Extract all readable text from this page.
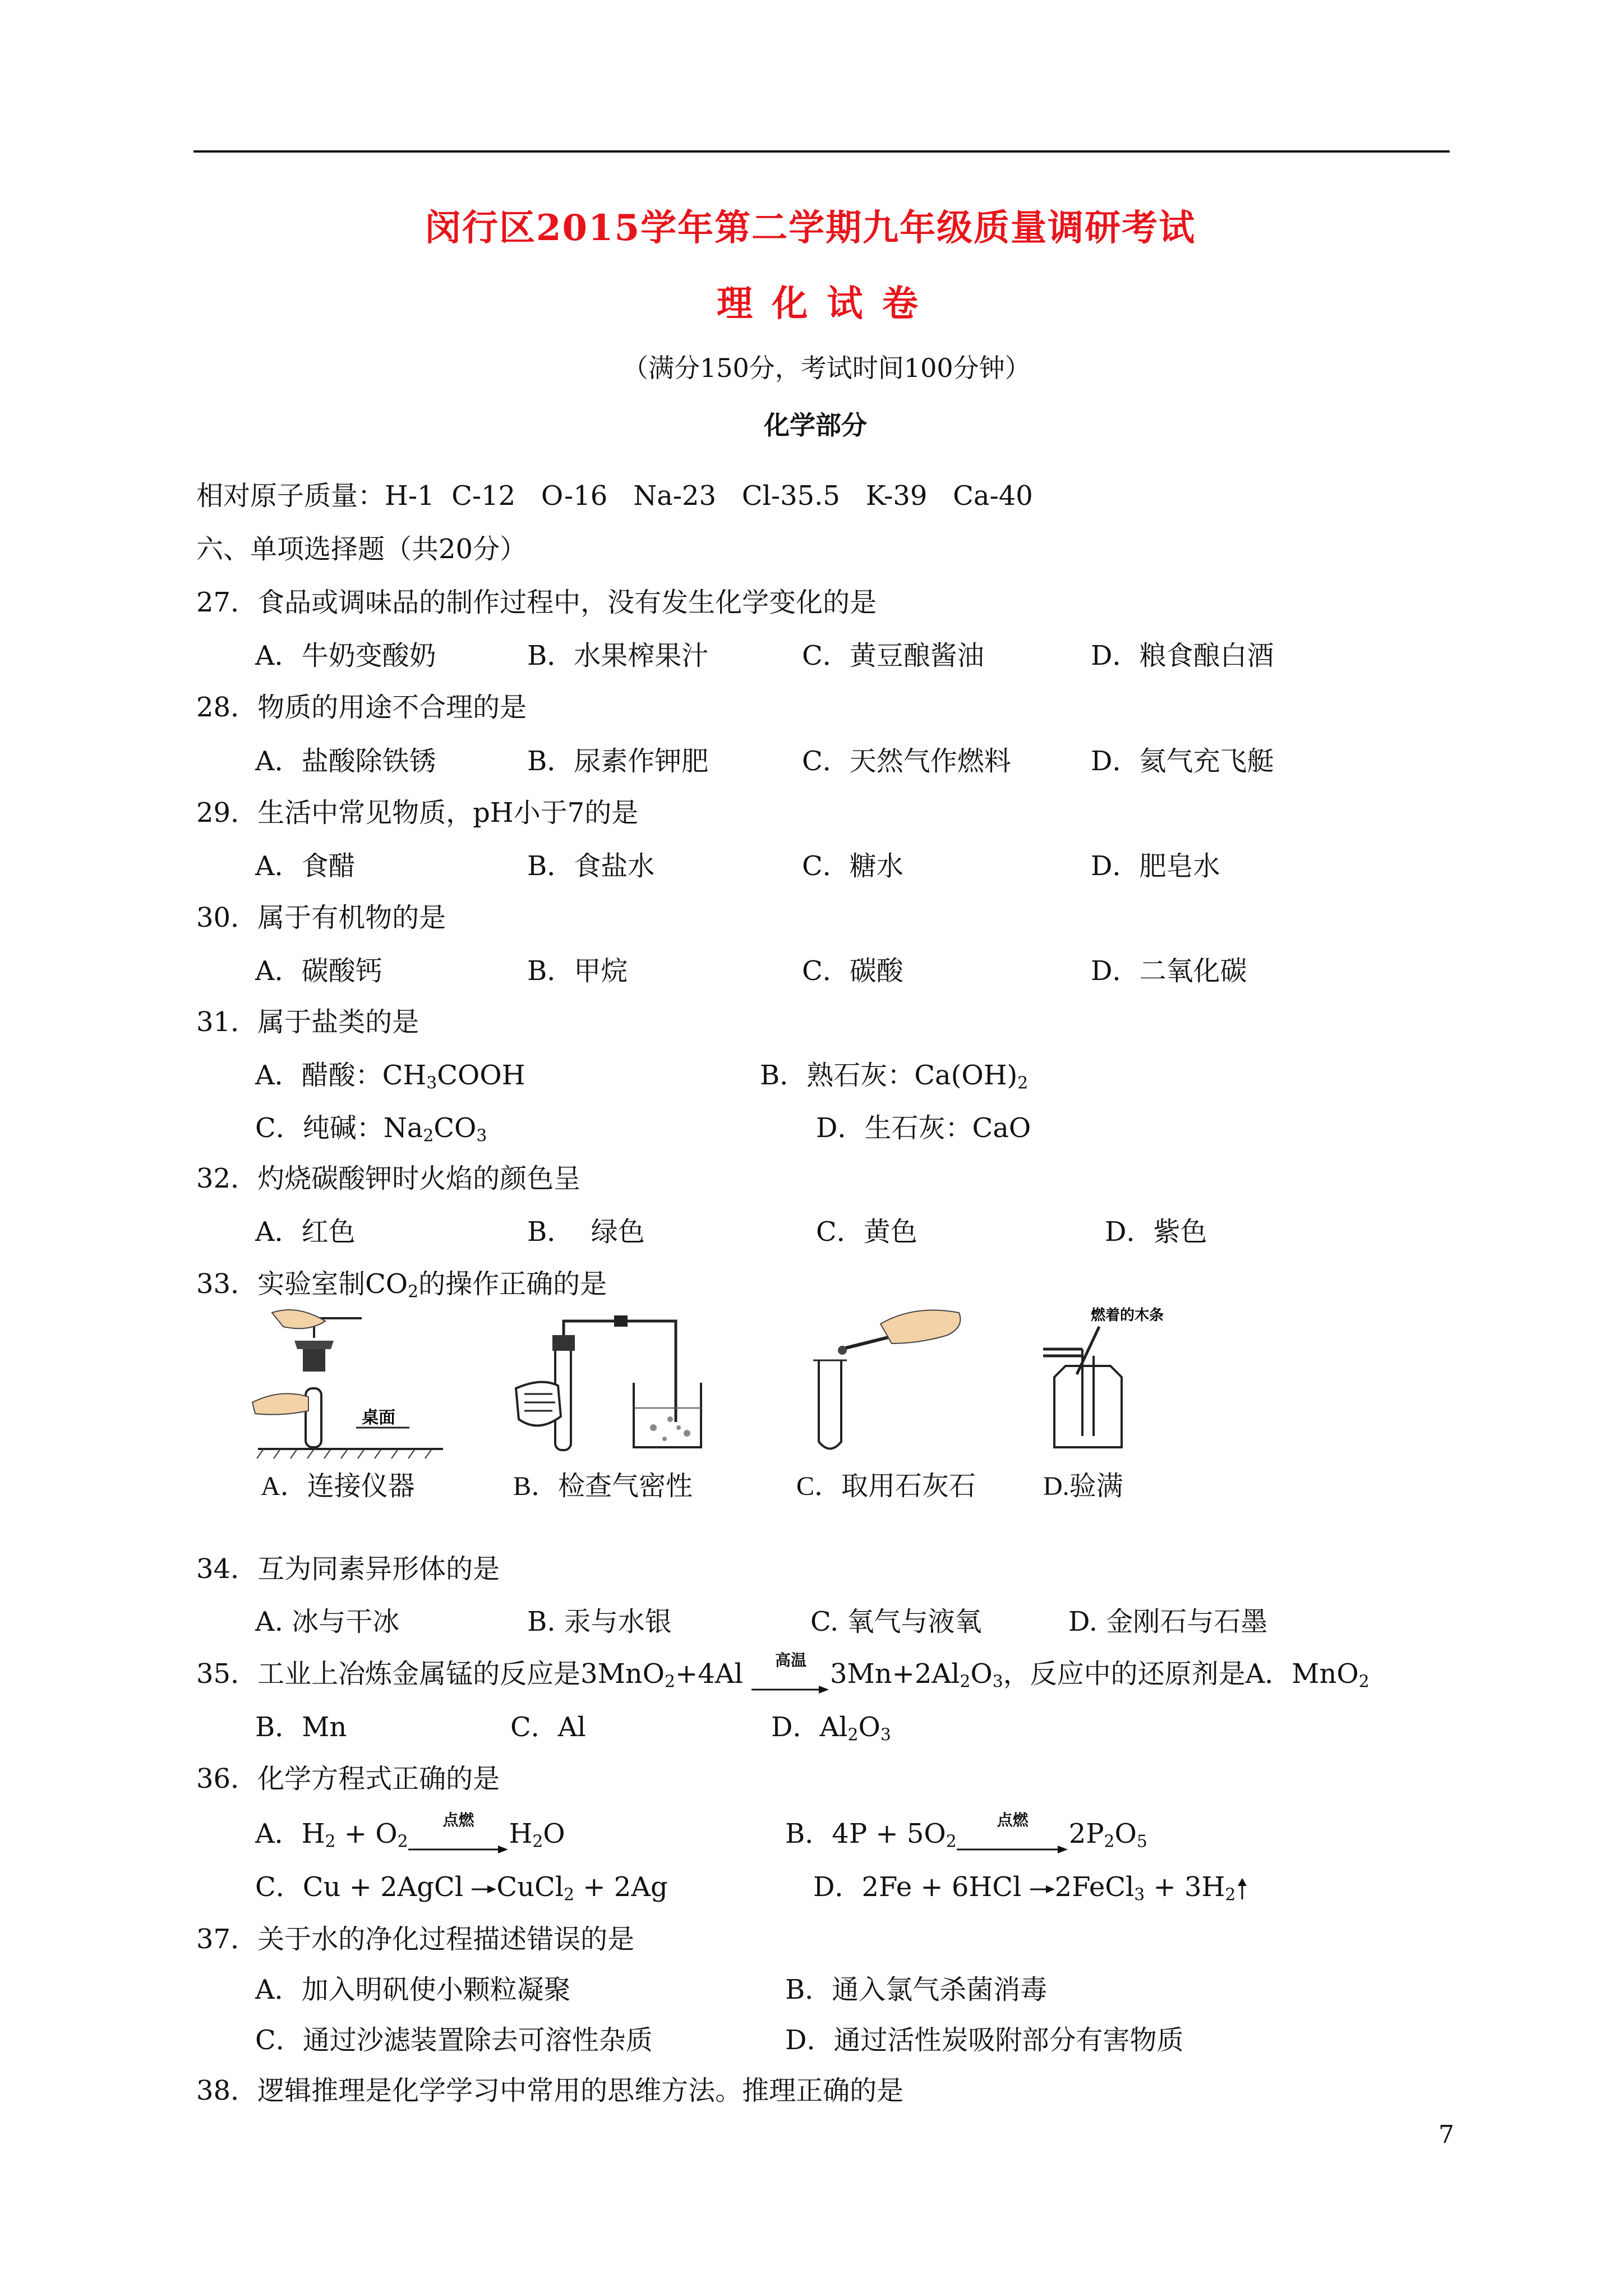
闵行区2015学年第二学期九年级质量调研考试
理 化 试 卷
（满分150分，考试时间100分钟）
化学部分
相对原子质量：H-1  C-12   O-16   Na-23   Cl-35.5   K-39   Ca-40
六、单项选择题（共20分）
27．食品或调味品的制作过程中，没有发生化学变化的是
A．牛奶变酸奶	B．水果榨果汁	C．黄豆酿酱油	D．粮食酿白酒
28．物质的用途不合理的是
A．盐酸除铁锈	B．尿素作钾肥	C．天然气作燃料	D．氦气充飞艇
29．生活中常见物质，pH小于7的是
A．食醋	B．食盐水	C．糖水	D．肥皂水
30．属于有机物的是
A．碳酸钙	B．甲烷	C．碳酸	D．二氧化碳
31．属于盐类的是
A．醋酸：$CH_3COOH$	B．熟石灰：$Ca(OH)_2$
C．纯碱：$Na_2CO_3$	D．生石灰：CaO
32．灼烧碳酸钾时火焰的颜色呈
A．红色	B．  绿色	C．黄色	D．紫色
33．实验室制$CO_2$的操作正确的是
桌面
燃着的木条
A．连接仪器	B．检查气密性	C．取用石灰石 D.验满
34．互为同素异形体的是
A. 冰与干冰	B. 汞与水银	C. 氧气与液氧	D. 金刚石与石墨
35．工业上冶炼金属锰的反应是3MnO$_2$+4Al	高温 $3Mn+2Al_2O_3$，反应中的还原剂是A．MnO$_2$
B．Mn	C．Al	D．$Al_2O_3$
36．化学方程式正确的是
A．$H_2 + O_2$
点燃	$H_2O$	B．$4P + 5O_2$
点燃	$2P_2O_5$
C．Cu + 2AgCl →CuCl$_2$ + 2Ag	D．2Fe + 6HCl →2FeCl$_3$ + $3H_2$
37．关于水的净化过程描述错误的是
A．加入明矾使小颗粒凝聚	B．通入氯气杀菌消毒
C．通过沙滤装置除去可溶性杂质	D．通过活性炭吸附部分有害物质
38．逻辑推理是化学学习中常用的思维方法。推理正确的是
7
